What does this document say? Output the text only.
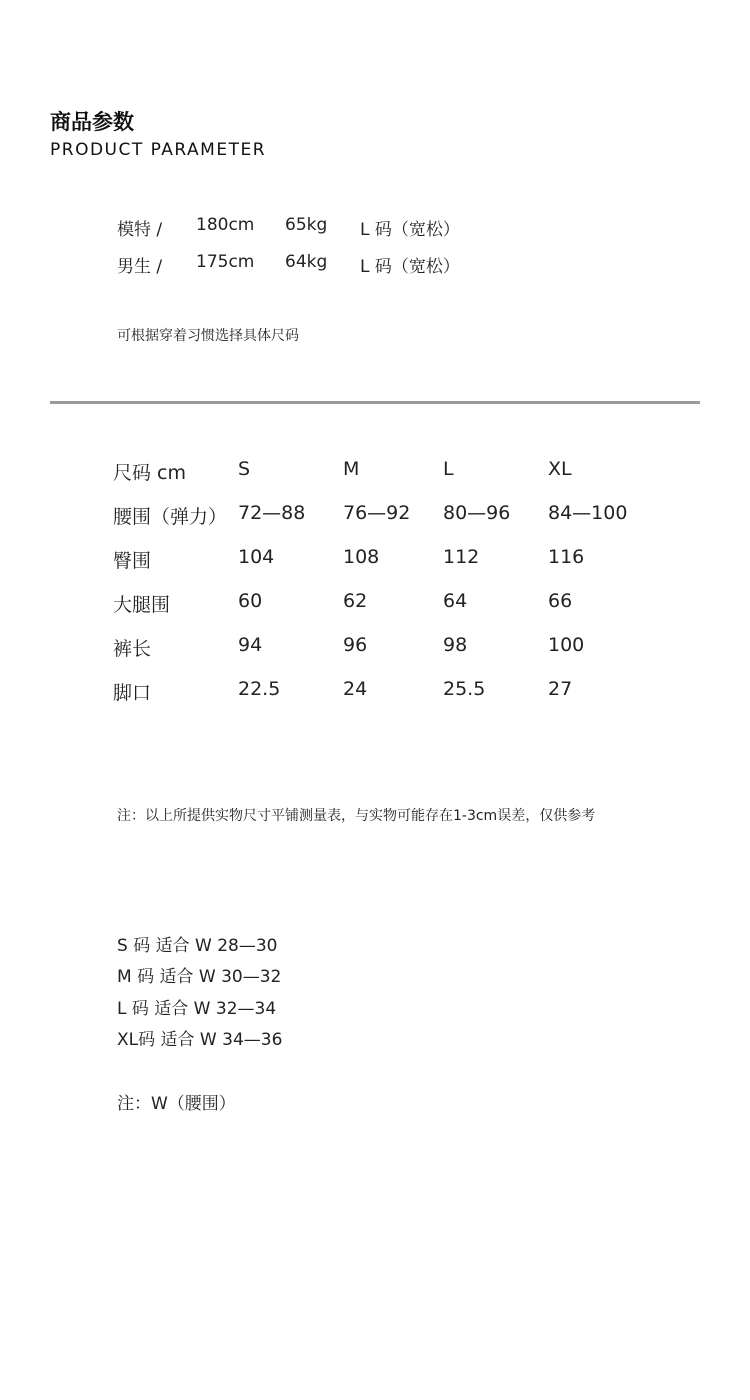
商品参数
PRODUCT PARAMETER
模特 / 180cm 65kg L 码（宽松）
男生 / 175cm 64kg L 码（宽松）
可根据穿着习惯选择具体尺码
尺码 cm	S	M	L	XL
腰围（弹力） 72—88 76—92 80—96 84—100
臀围	104	108	112	116
大腿围	60	62	64	66
裤长	94	96	98	100
脚口	22.5	24	25.5	27
注：以上所提供实物尺寸平铺测量表，与实物可能存在1-3cm误差，仅供参考
S 码 适合 W 28—30
M 码 适合 W 30—32
L 码 适合 W 32—34
XL码 适合 W 34—36
注：W（腰围）
